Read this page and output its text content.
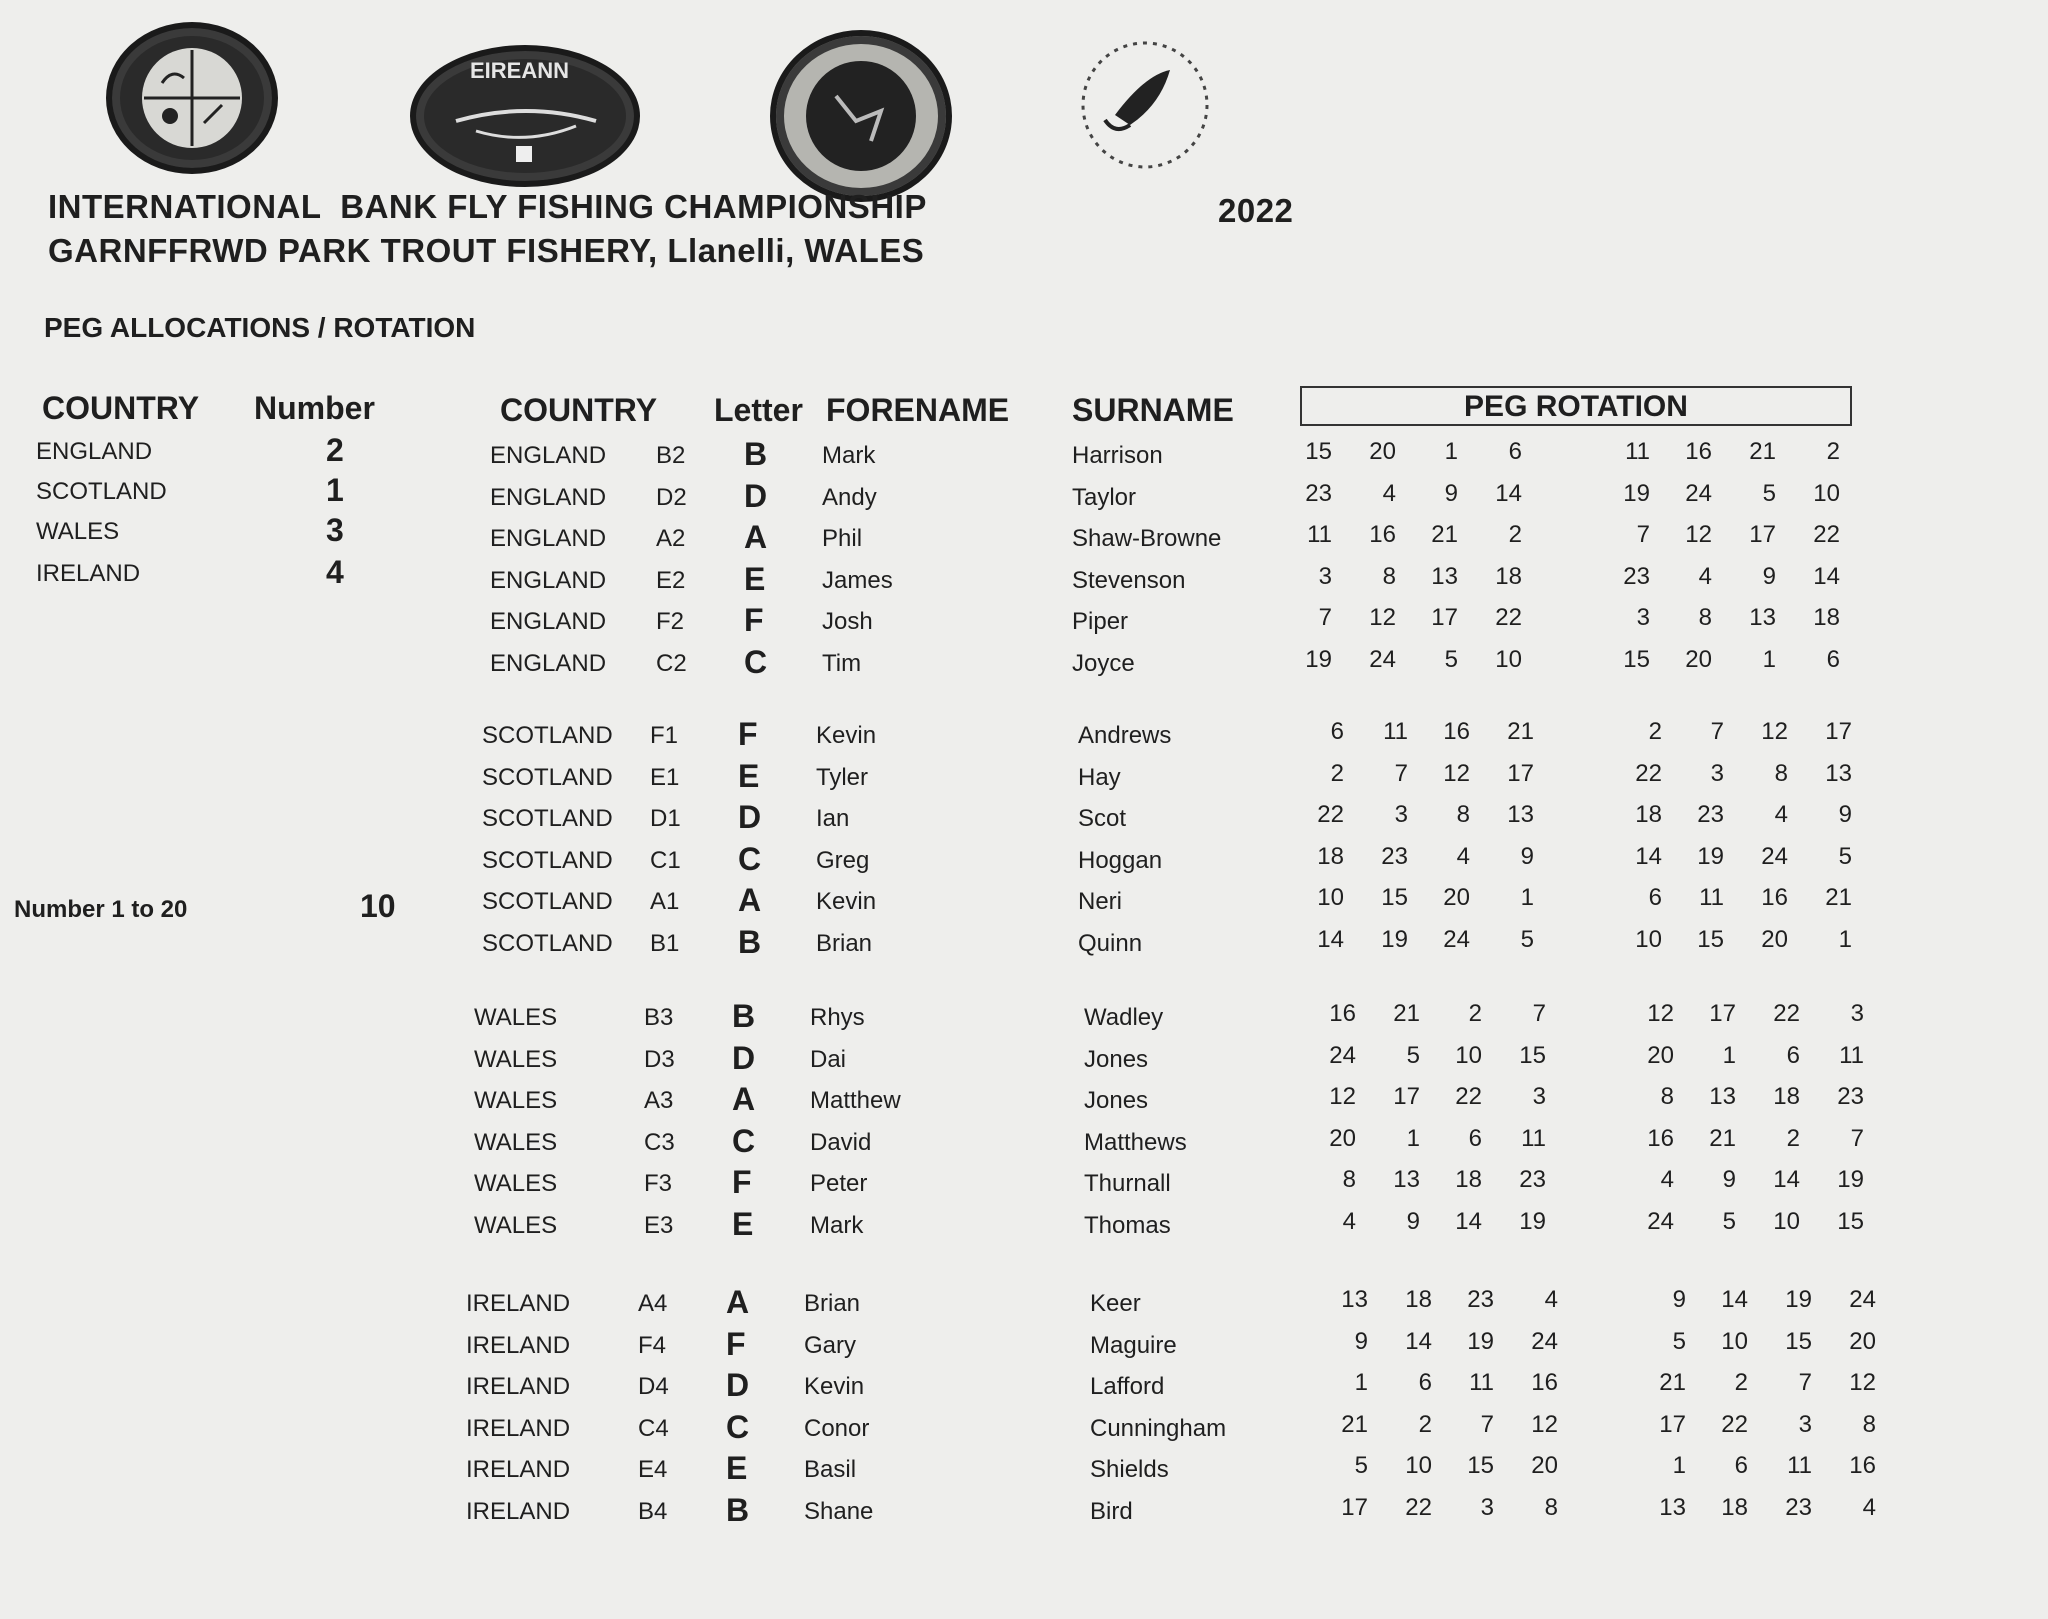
EIREANN
INTERNATIONAL  BANK FLY FISHING CHAMPIONSHIP	2022
GARNFFRWD PARK TROUT FISHERY, Llanelli, WALES
PEG ALLOCATIONS / ROTATION
COUNTRY Number
ENGLAND	2
SCOTLAND	1
WALES	3
IRELAND	4
Number 1 to 20	10
COUNTRY Letter FORENAME SURNAME	PEG ROTATION
ENGLAND B2 B Mark	Harrison	15	20	1	6	11	16	21	2
ENGLAND D2 D Andy	Taylor	23	4	9	14	19	24	5	10
ENGLAND A2 A Phil	Shaw-Browne	11	16	21	2	7	12	17	22
ENGLAND E2 E James	Stevenson	3	8	13	18	23	4	9	14
ENGLAND F2 F Josh	Piper	7	12	17	22	3	8	13	18
ENGLAND C2 C Tim	Joyce	19	24	5	10	15	20	1	6
SCOTLAND F1 F Kevin	Andrews	6	11	16	21	2	7	12	17
SCOTLAND E1 E Tyler	Hay	2	7	12	17	22	3	8	13
SCOTLAND D1 D Ian	Scot	22	3	8	13	18	23	4	9
SCOTLAND C1 C Greg	Hoggan	18	23	4	9	14	19	24	5
SCOTLAND A1 A Kevin	Neri	10	15	20	1	6	11	16	21
SCOTLAND B1 B Brian	Quinn	14	19	24	5	10	15	20	1
WALES	B3 B Rhys	Wadley	16	21	2	7	12	17	22	3
WALES	D3 D Dai	Jones	24	5	10	15	20	1	6	11
WALES	A3 A Matthew	Jones	12	17	22	3	8	13	18	23
WALES	C3 C David	Matthews	20	1	6	11	16	21	2	7
WALES	F3 F Peter	Thurnall	8	13	18	23	4	9	14	19
WALES	E3 E Mark	Thomas	4	9	14	19	24	5	10	15
IRELAND	A4 A Brian	Keer	13	18	23	4	9	14	19	24
IRELAND	F4 F Gary	Maguire	9	14	19	24	5	10	15	20
IRELAND	D4 D Kevin	Lafford	1	6	11	16	21	2	7	12
IRELAND	C4 C Conor	Cunningham	21	2	7	12	17	22	3	8
IRELAND	E4 E Basil	Shields	5	10	15	20	1	6	11	16
IRELAND	B4 B Shane	Bird	17	22	3	8	13	18	23	4
